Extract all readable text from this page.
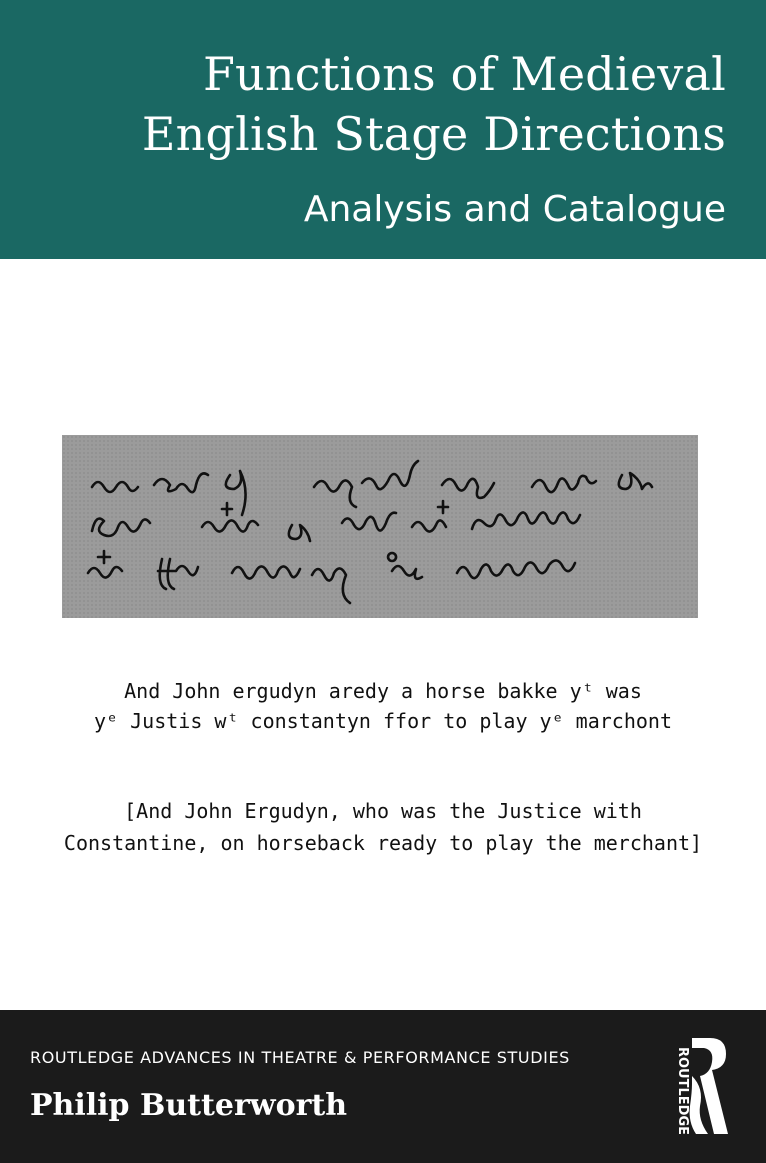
Functions of Medieval
English Stage Directions
Analysis and Catalogue
And John ergudyn aredy a horse bakke yᵗ was
yᵉ Justis wᵗ constantyn ffor to play yᵉ marchont
[And John Ergudyn, who was the Justice with
Constantine, on horseback ready to play the merchant]
ROUTLEDGE ADVANCES IN THEATRE & PERFORMANCE STUDIES
Philip Butterworth	ROUTLEDGE
